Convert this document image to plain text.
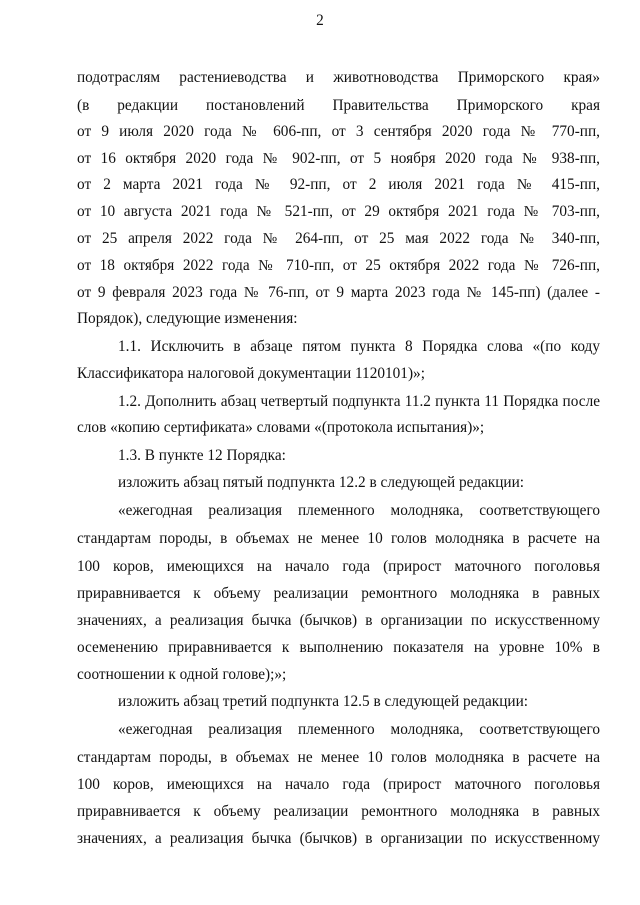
2
подотраслям растениеводства и животноводства Приморского края»
(в редакции постановлений Правительства Приморского края
от 9 июля 2020 года № 606-пп, от 3 сентября 2020 года № 770-пп,
от 16 октября 2020 года № 902-пп, от 5 ноября 2020 года № 938-пп,
от 2 марта 2021 года № 92-пп, от 2 июля 2021 года № 415-пп,
от 10 августа 2021 года № 521-пп, от 29 октября 2021 года № 703-пп,
от 25 апреля 2022 года № 264-пп, от 25 мая 2022 года № 340-пп,
от 18 октября 2022 года № 710-пп, от 25 октября 2022 года № 726-пп,
от 9 февраля 2023 года № 76-пп, от 9 марта 2023 года № 145-пп) (далее -
Порядок), следующие изменения:
1.1. Исключить в абзаце пятом пункта 8 Порядка слова «(по коду
Классификатора налоговой документации 1120101)»;
1.2. Дополнить абзац четвертый подпункта 11.2 пункта 11 Порядка после
слов «копию сертификата» словами «(протокола испытания)»;
1.3. В пункте 12 Порядка:
изложить абзац пятый подпункта 12.2 в следующей редакции:
«ежегодная реализация племенного молодняка, соответствующего
стандартам породы, в объемах не менее 10 голов молодняка в расчете на
100 коров, имеющихся на начало года (прирост маточного поголовья
приравнивается к объему реализации ремонтного молодняка в равных
значениях, а реализация бычка (бычков) в организации по искусственному
осеменению приравнивается к выполнению показателя на уровне 10% в
соотношении к одной голове);»;
изложить абзац третий подпункта 12.5 в следующей редакции:
«ежегодная реализация племенного молодняка, соответствующего
стандартам породы, в объемах не менее 10 голов молодняка в расчете на
100 коров, имеющихся на начало года (прирост маточного поголовья
приравнивается к объему реализации ремонтного молодняка в равных
значениях, а реализация бычка (бычков) в организации по искусственному
